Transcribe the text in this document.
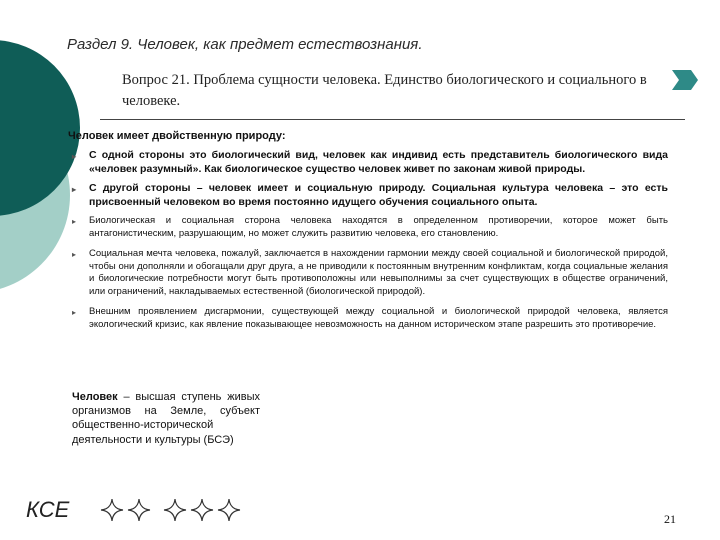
Раздел 9. Человек, как предмет естествознания.
Вопрос 21. Проблема сущности человека. Единство биологического и социального в человеке.
Человек имеет двойственную природу:
▸ С одной стороны это биологический вид, человек как индивид есть представитель биологического вида «человек разумный». Как биологическое существо человек живет по законам живой природы.
▸ С другой стороны – человек имеет и социальную природу. Социальная культура человека – это есть присвоенный человеком во время постоянно идущего обучения социального опыта.
▸ Биологическая и социальная сторона человека находятся в определенном противоречии, которое может быть антагонистическим, разрушающим, но может служить развитию человека, его становлению.
▸ Социальная мечта человека, пожалуй, заключается в нахождении гармонии между своей социальной и биологической природой, чтобы они дополняли и обогащали друг друга, а не приводили к постоянным внутренним конфликтам, когда социальные желания и биологические потребности могут быть противоположны или невыполнимы за счет существующих в обществе ограничений, или ограничений, накладываемых естественной (биологической природой).
▸ Внешним проявлением дисгармонии, существующей между социальной и биологической природой человека, является экологический кризис, как явление показывающее невозможность на данном историческом этапе разрешить это противоречие.
Человек – высшая ступень живых организмов на Земле, субъект общественно-исторической деятельности и культуры (БСЭ)
КСЕ	21
